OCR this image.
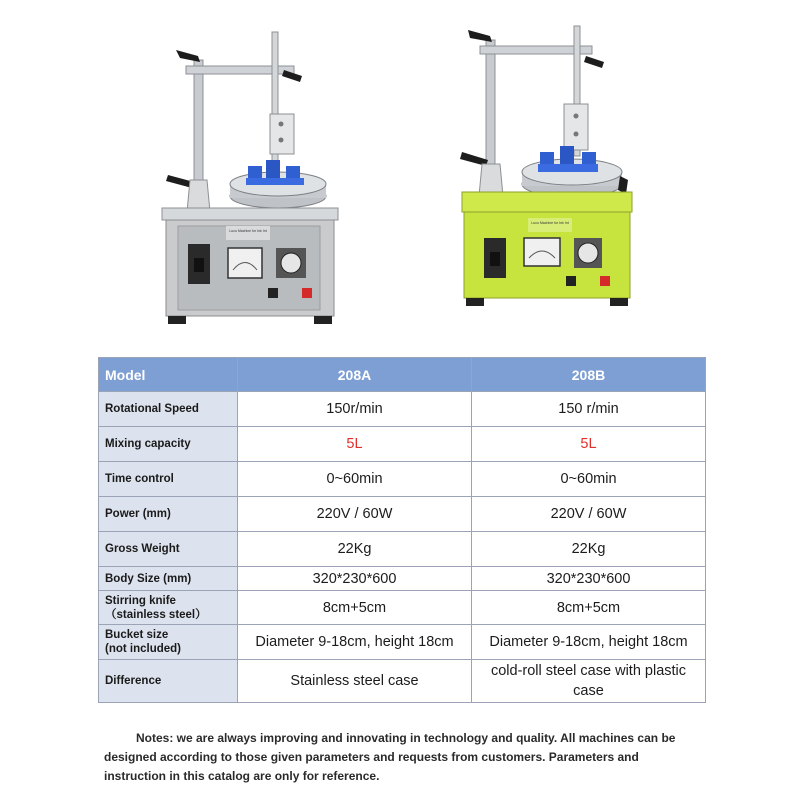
Lucu Machine for Ink Int
Lucu Machine for Ink Int
Model	208A	208B
Rotational Speed	150r/min	150 r/min
Mixing capacity	5L	5L
Time control	0~60min	0~60min
Power (mm)	220V / 60W	220V / 60W
Gross Weight	22Kg	22Kg
Body Size (mm)	320*230*600	320*230*600

Stirring knife
（stainless steel）	8cm+5cm	8cm+5cm

Bucket size
(not included)	Diameter 9-18cm, height 18cm	Diameter 9-18cm, height 18cm
Difference	Stainless steel case	cold-roll steel case with plastic case
Notes: we are always improving and innovating in technology and quality. All machines can be designed according to those given parameters and requests from customers. Parameters and instruction in this catalog are only for reference.
